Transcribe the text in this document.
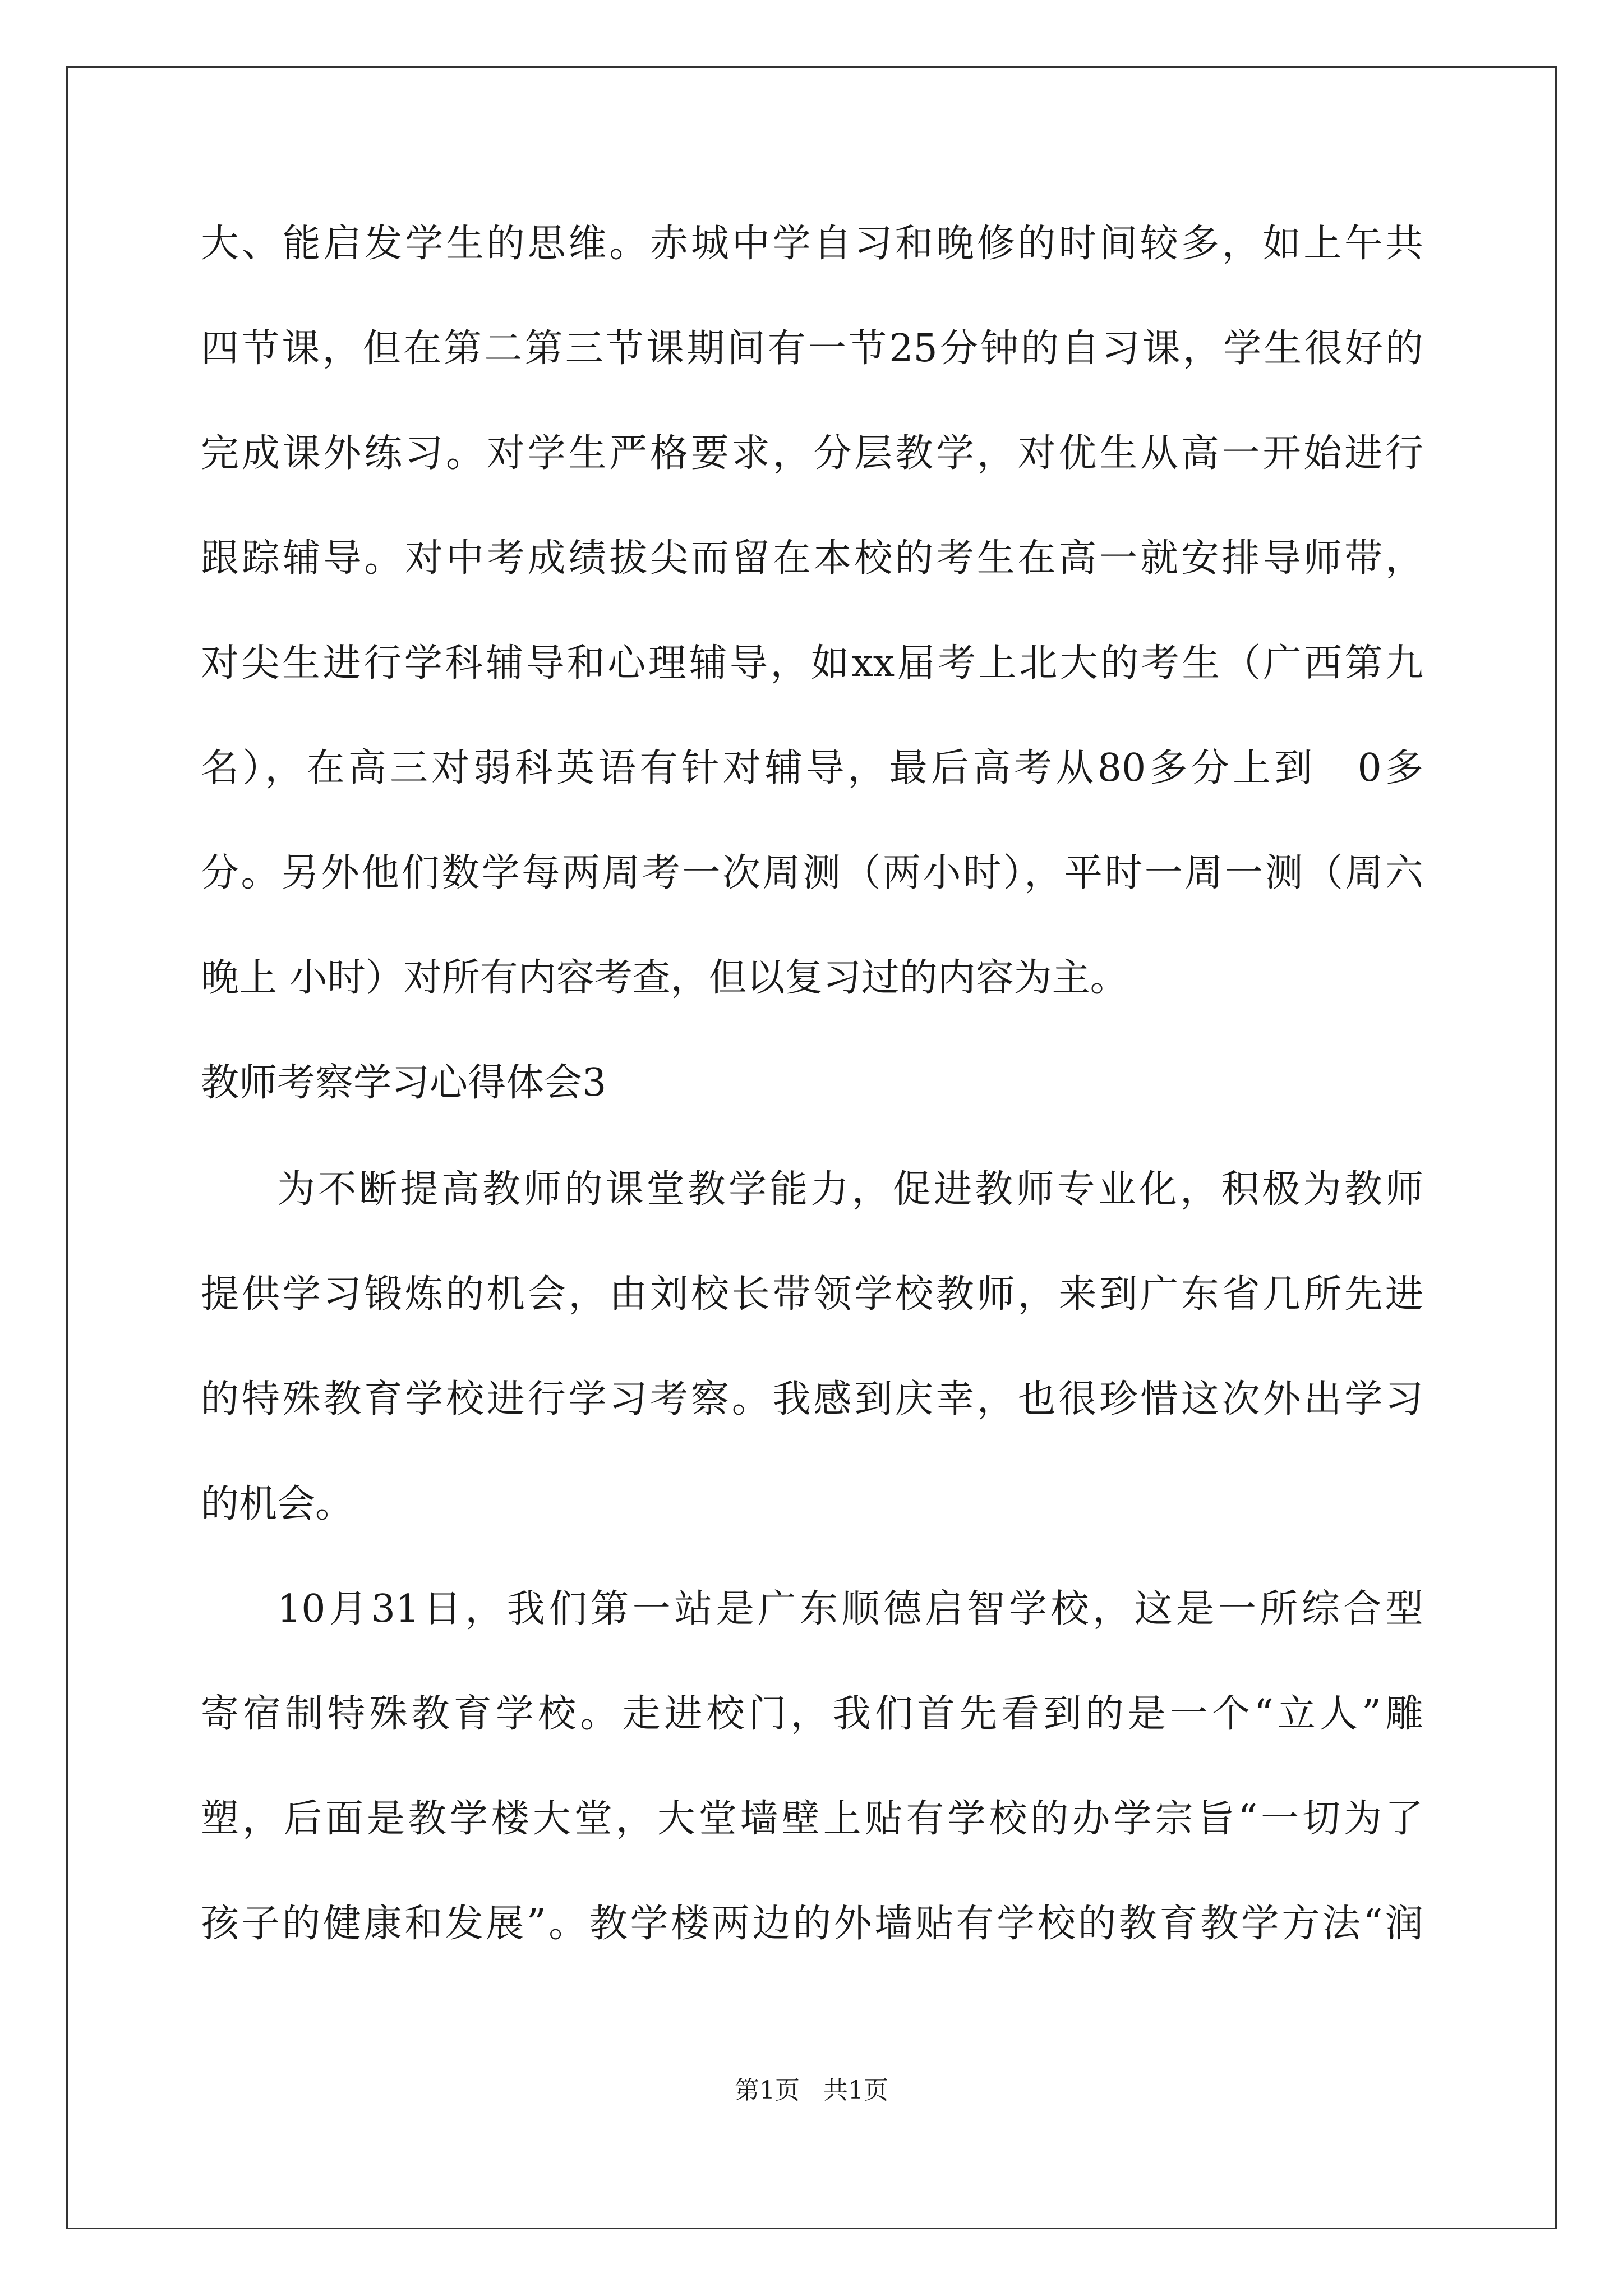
大、能启发学生的思维。赤城中学自习和晚修的时间较多，如上午共
四节课，但在第二第三节课期间有一节25分钟的自习课，学生很好的
完成课外练习。对学生严格要求，分层教学，对优生从高一开始进行
跟踪辅导。对中考成绩拔尖而留在本校的考生在高一就安排导师带，
对尖生进行学科辅导和心理辅导，如xx届考上北大的考生（广西第九
名），在高三对弱科英语有针对辅导，最后高考从80多分上到　0多
分。另外他们数学每两周考一次周测（两小时），平时一周一测（周六
晚上 小时）对所有内容考查，但以复习过的内容为主。
教师考察学习心得体会3
为不断提高教师的课堂教学能力，促进教师专业化，积极为教师
提供学习锻炼的机会，由刘校长带领学校教师，来到广东省几所先进
的特殊教育学校进行学习考察。我感到庆幸，也很珍惜这次外出学习
的机会。
10月31日，我们第一站是广东顺德启智学校，这是一所综合型
寄宿制特殊教育学校。走进校门，我们首先看到的是一个“立人”雕
塑，后面是教学楼大堂，大堂墙壁上贴有学校的办学宗旨“一切为了
孩子的健康和发展”。教学楼两边的外墙贴有学校的教育教学方法“润
第1页 共1页
